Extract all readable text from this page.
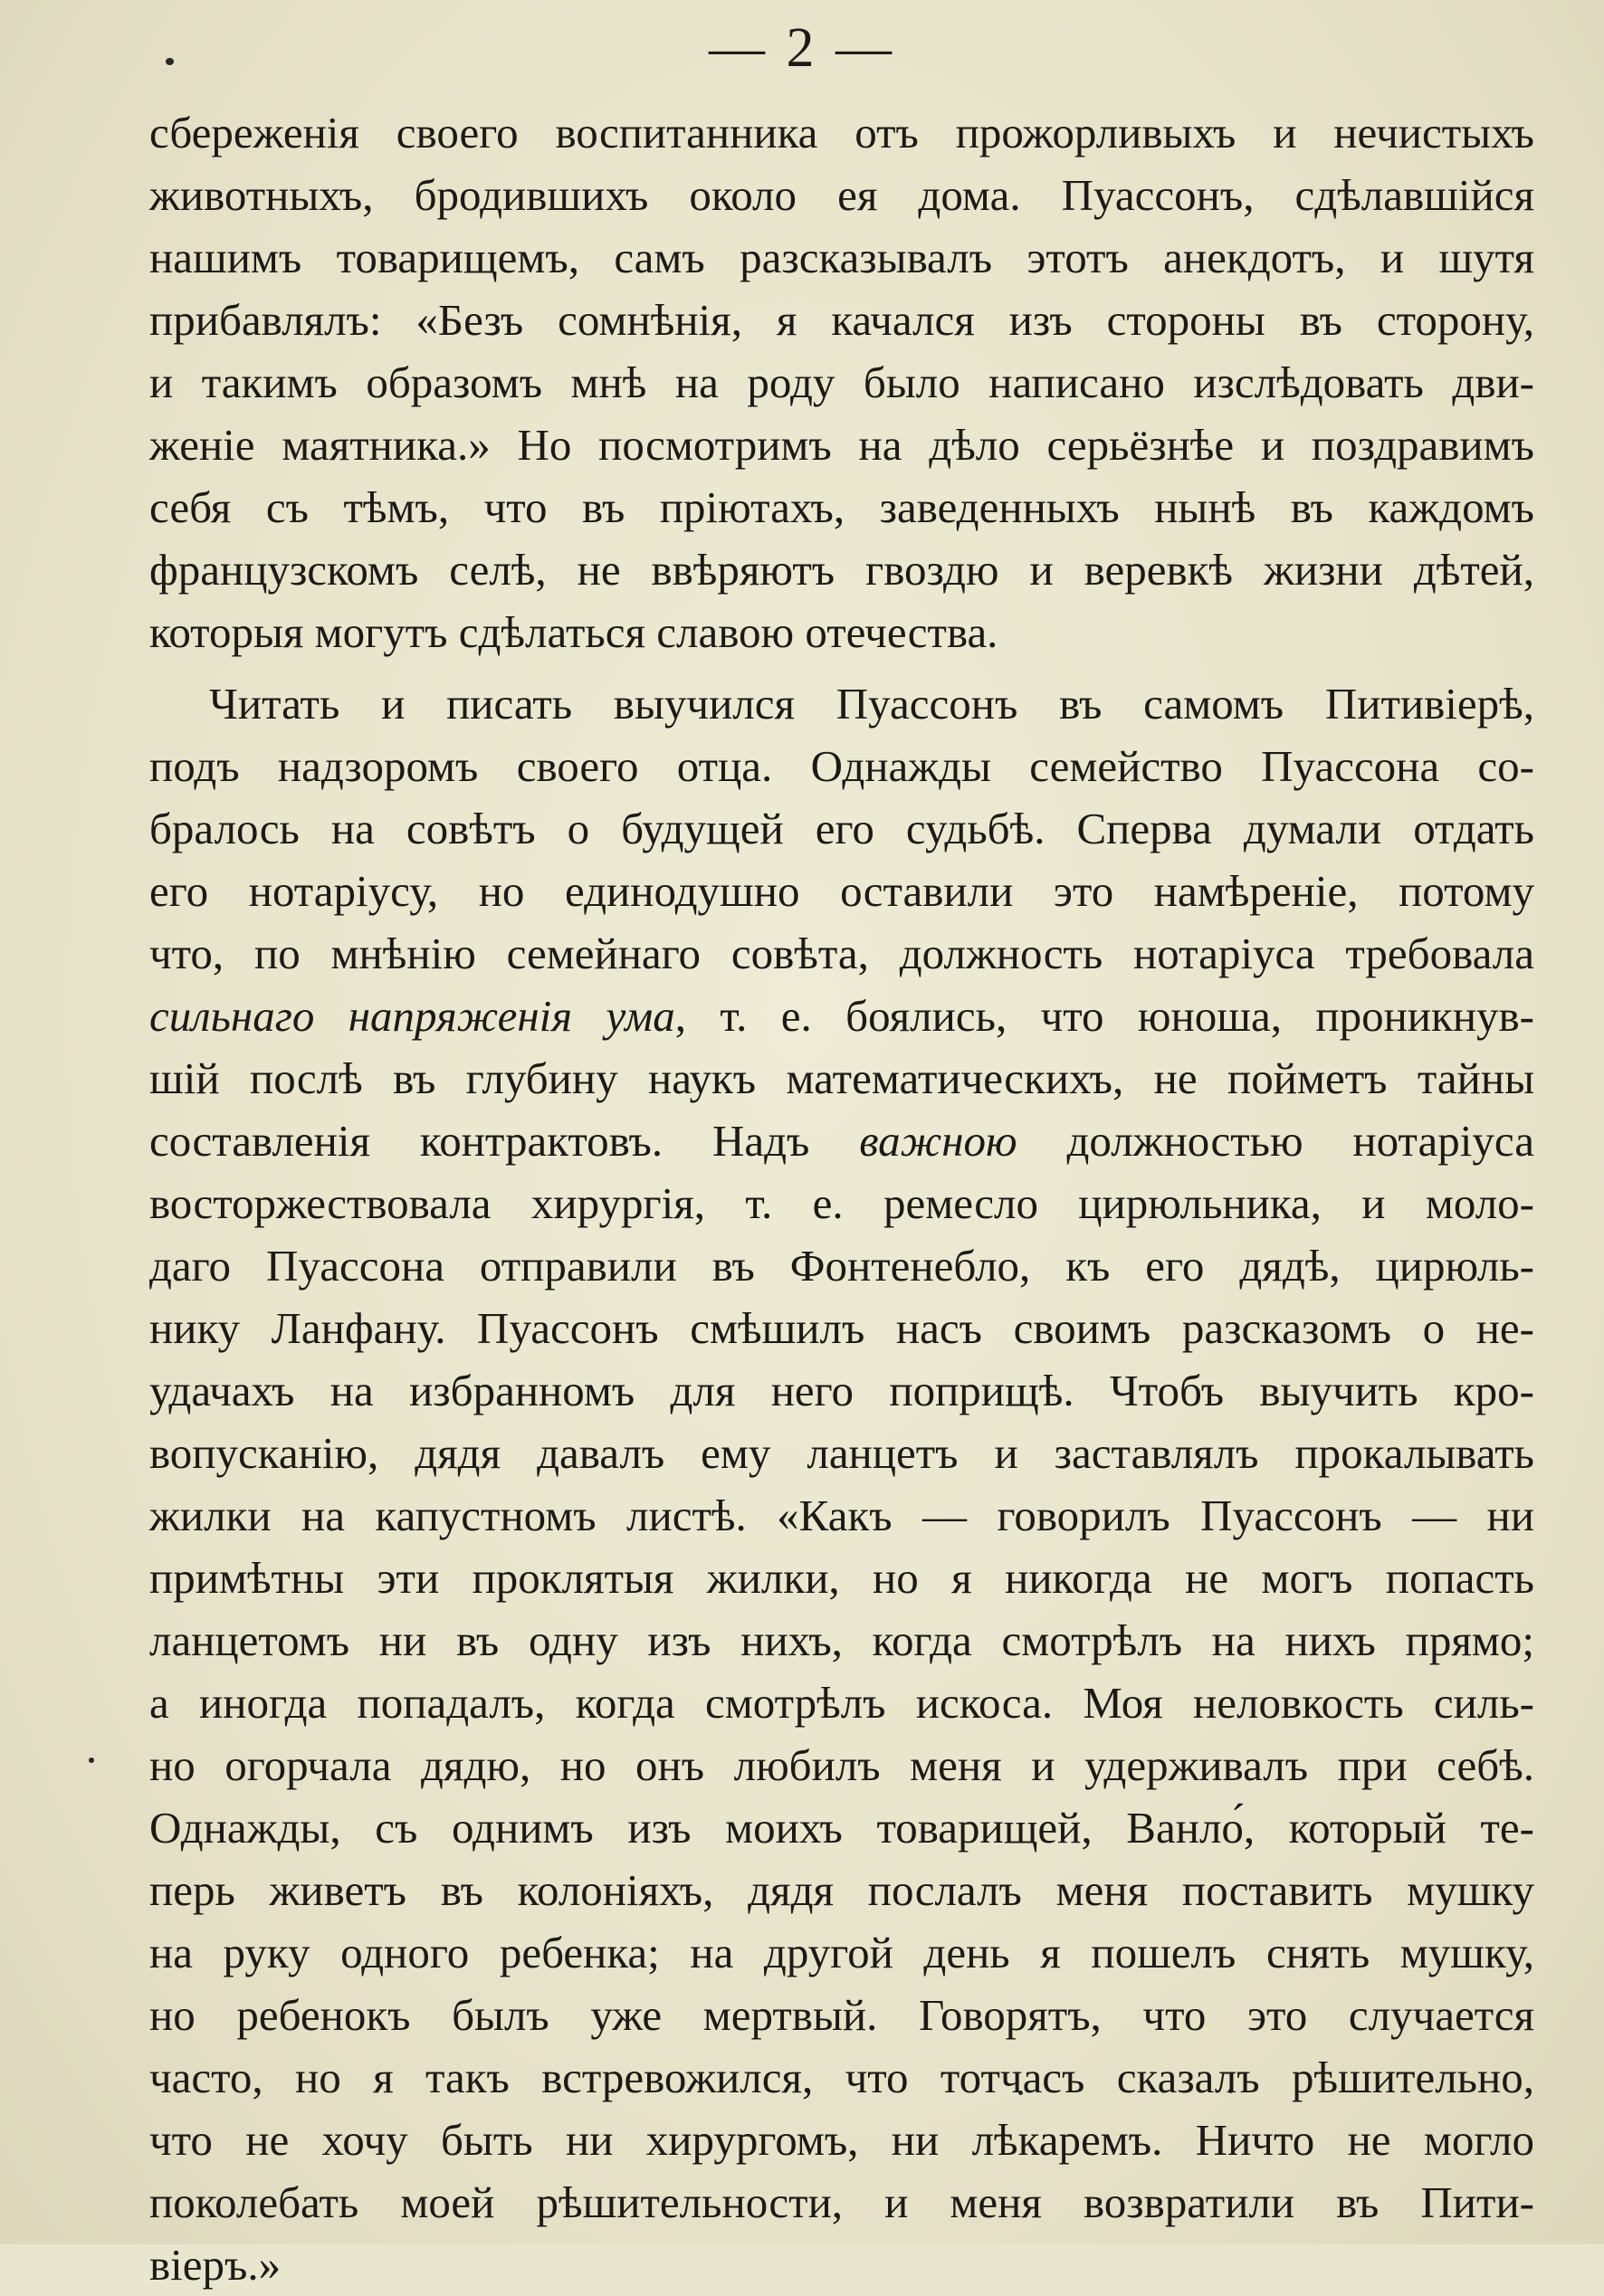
— 2 —
сбереженія своего воспитанника отъ прожорливыхъ и нечистыхъ
животныхъ, бродившихъ около ея дома. Пуассонъ, сдѣлавшійся
нашимъ товарищемъ, самъ разсказывалъ этотъ анекдотъ, и шутя
прибавлялъ: «Безъ сомнѣнія, я качался изъ стороны въ сторону,
и такимъ образомъ мнѣ на роду было написано изслѣдовать дви-
женіе маятника.» Но посмотримъ на дѣло серьёзнѣе и поздравимъ
себя съ тѣмъ, что въ пріютахъ, заведенныхъ нынѣ въ каждомъ
французскомъ селѣ, не ввѣряютъ гвоздю и веревкѣ жизни дѣтей,
которыя могутъ сдѣлаться славою отечества.
Читать и писать выучился Пуассонъ въ самомъ Питивіерѣ,
подъ надзоромъ своего отца. Однажды семейство Пуассона со-
бралось на совѣтъ о будущей его судьбѣ. Сперва думали отдать
его нотаріусу, но единодушно оставили это намѣреніе, потому
что, по мнѣнію семейнаго совѣта, должность нотаріуса требовала
сильнаго напряженія ума, т. е. боялись, что юноша, проникнув-
шій послѣ въ глубину наукъ математическихъ, не пойметъ тайны
составленія контрактовъ. Надъ важною должностью нотаріуса
восторжествовала хирургія, т. е. ремесло цирюльника, и моло-
даго Пуассона отправили въ Фонтенебло, къ его дядѣ, цирюль-
нику Ланфану. Пуассонъ смѣшилъ насъ своимъ разсказомъ о не-
удачахъ на избранномъ для него поприщѣ. Чтобъ выучить кро-
вопусканію, дядя давалъ ему ланцетъ и заставлялъ прокалывать
жилки на капустномъ листѣ. «Какъ — говорилъ Пуассонъ — ни
примѣтны эти проклятыя жилки, но я никогда не могъ попасть
ланцетомъ ни въ одну изъ нихъ, когда смотрѣлъ на нихъ прямо;
а иногда попадалъ, когда смотрѣлъ искоса. Моя неловкость силь-
но огорчала дядю, но онъ любилъ меня и удерживалъ при себѣ.
Однажды, съ однимъ изъ моихъ товарищей, Ванло́, который те-
перь живетъ въ колоніяхъ, дядя послалъ меня поставить мушку
на руку одного ребенка; на другой день я пошелъ снять мушку,
но ребенокъ былъ уже мертвый. Говорятъ, что это случается
часто, но я такъ встревожился, что тотчасъ сказалъ рѣшительно,
что не хочу быть ни хирургомъ, ни лѣкаремъ. Ничто не могло
поколебать моей рѣшительности, и меня возвратили въ Пити-
віеръ.»
